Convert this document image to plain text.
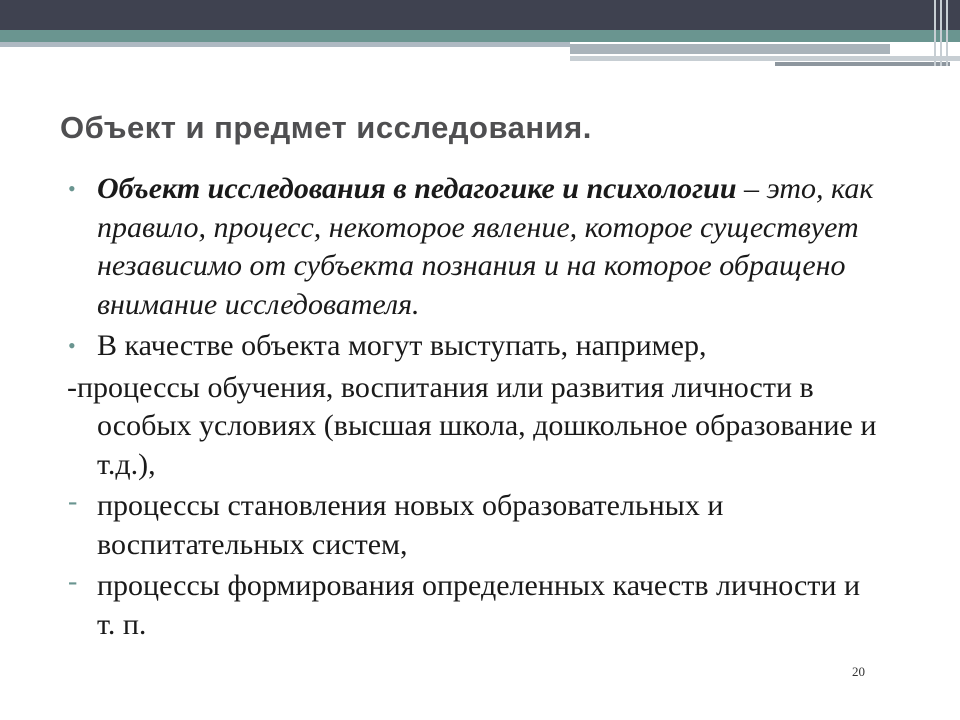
Объект и предмет исследования.
• Объект исследования в педагогике и психологии – это, как правило, процесс, некоторое явление, которое существует независимо от субъекта познания и на которое обращено внимание исследователя.
• В качестве объекта могут выступать, например,
-процессы обучения, воспитания или развития личности в особых условиях (высшая школа, дошкольное образование и т.д.),
- процессы становления новых образовательных и воспитательных систем,
- процессы формирования определенных качеств личности и т. п.
20
